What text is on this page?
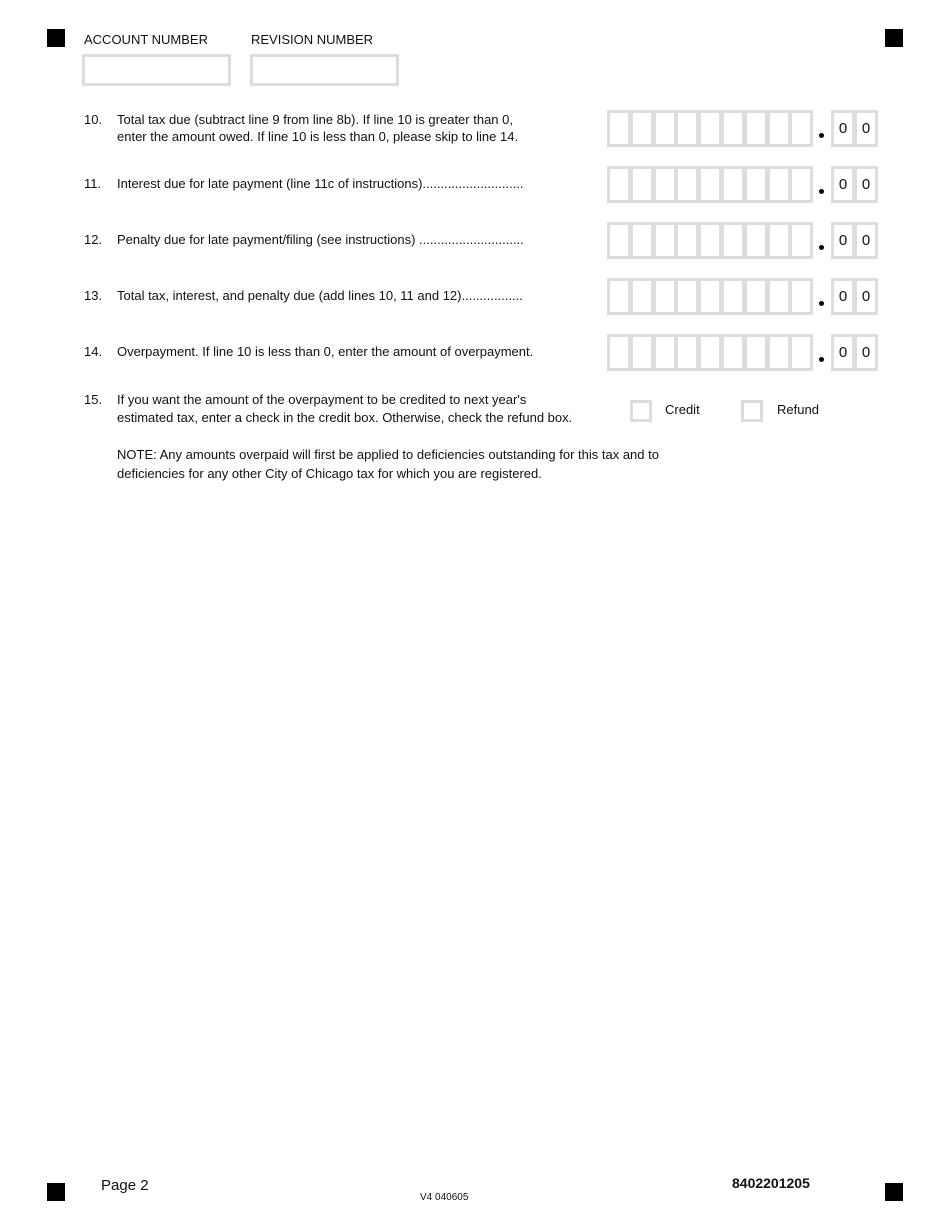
ACCOUNT NUMBER	REVISION NUMBER
15. If you want the amount of the overpayment to be credited to next year's
estimated tax, enter a check in the credit box. Otherwise, check the refund box.
Credit	Refund
NOTE: Any amounts overpaid will first be applied to deficiencies outstanding for this tax and to
deficiencies for any other City of Chicago tax for which you are registered.
Page 2
V4 040605
8402201205
10. Total tax due (subtract line 9 from line 8b). If line 10 is greater than 0,
enter the amount owed. If line 10 is less than 0, please skip to line 14.	0 0
11. Interest due for late payment (line 11c of instructions)............................	0 0
12. Penalty due for late payment/filing (see instructions) .............................	0 0
13. Total tax, interest, and penalty due (add lines 10, 11 and 12).................	0 0
14. Overpayment. If line 10 is less than 0, enter the amount of overpayment.	0 0
